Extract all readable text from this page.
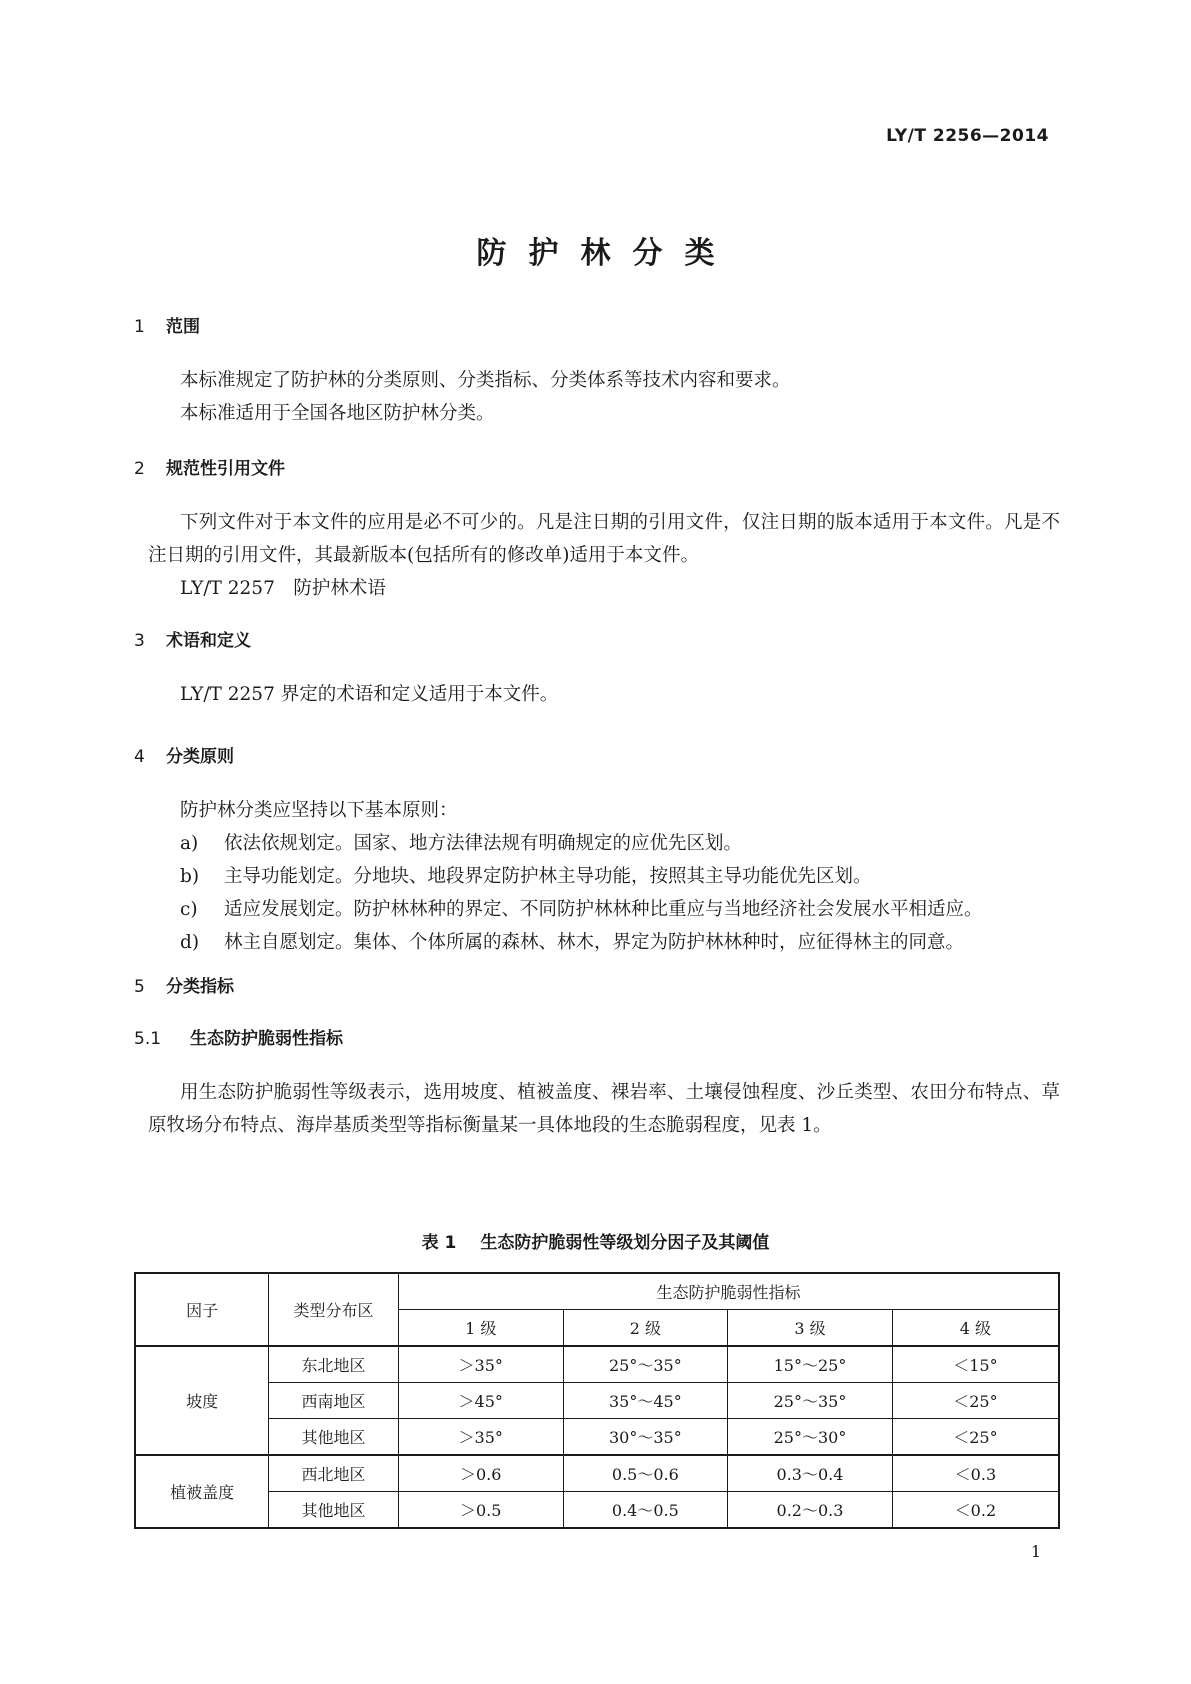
LY/T 2256—2014
防护林分类
1 范围

本标准规定了防护林的分类原则、分类指标、分类体系等技术内容和要求。

本标准适用于全国各地区防护林分类。

2 规范性引用文件

下列文件对于本文件的应用是必不可少的。凡是注日期的引用文件，仅注日期的版本适用于本文件。凡是不注日期的引用文件，其最新版本(包括所有的修改单)适用于本文件。

LY/T 2257　防护林术语

3 术语和定义

LY/T 2257 界定的术语和定义适用于本文件。

4 分类原则

防护林分类应坚持以下基本原则：

a) 依法依规划定。国家、地方法律法规有明确规定的应优先区划。
b) 主导功能划定。分地块、地段界定防护林主导功能，按照其主导功能优先区划。
c) 适应发展划定。防护林林种的界定、不同防护林林种比重应与当地经济社会发展水平相适应。
d) 林主自愿划定。集体、个体所属的森林、林木，界定为防护林林种时，应征得林主的同意。
5 分类指标
5.1 生态防护脆弱性指标

用生态防护脆弱性等级表示，选用坡度、植被盖度、裸岩率、土壤侵蚀程度、沙丘类型、农田分布特点、草原牧场分布特点、海岸基质类型等指标衡量某一具体地段的生态脆弱程度，见表 1。

表 1 生态防护脆弱性等级划分因子及其阈值
因子	类型分布区	生态防护脆弱性指标			
		1 级	2 级	3 级	4 级
坡度	东北地区	＞35°	25°～35°	15°～25°	＜15°
	西南地区	＞45°	35°～45°	25°～35°	＜25°
	其他地区	＞35°	30°～35°	25°～30°	＜25°
植被盖度	西北地区	＞0.6	0.5～0.6	0.3～0.4	＜0.3
	其他地区	＞0.5	0.4～0.5	0.2～0.3	＜0.2
1
